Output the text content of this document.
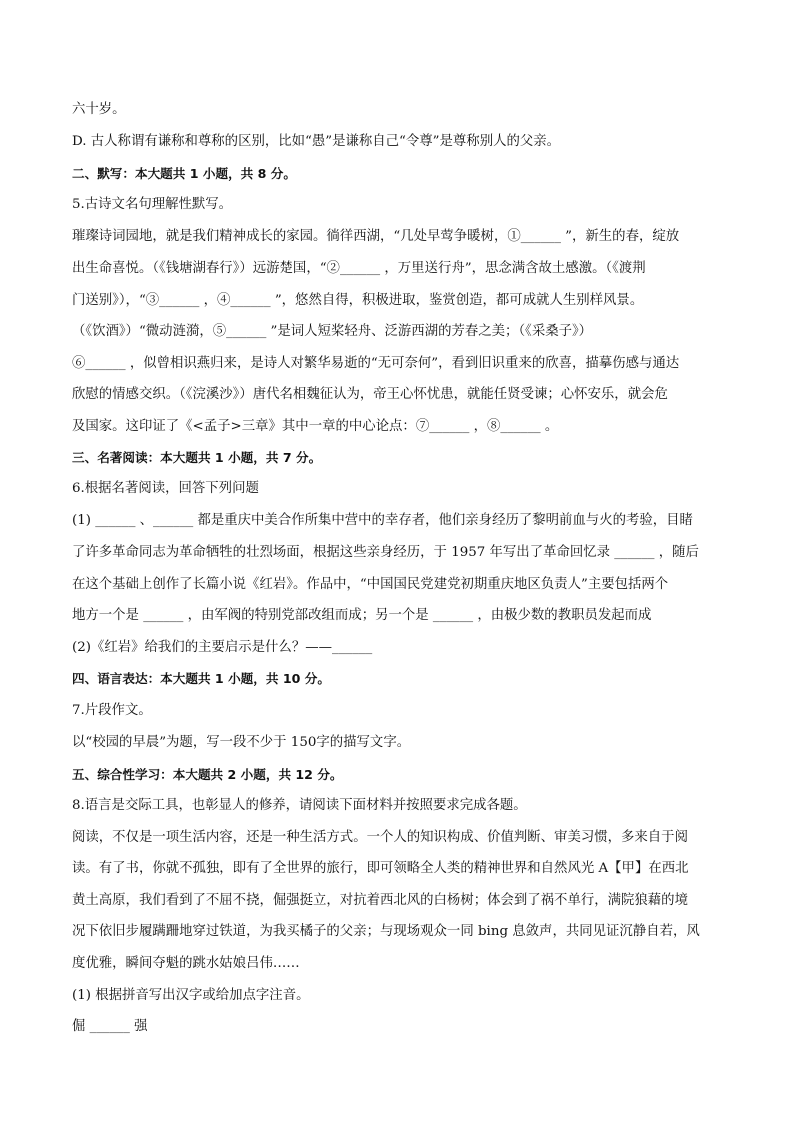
六十岁。
D. 古人称谓有谦称和尊称的区别，比如“愚”是谦称自己“令尊”是尊称别人的父亲。
二、默写：本大题共 1 小题，共 8 分。
5.古诗文名句理解性默写。
璀璨诗词园地，就是我们精神成长的家园。徜徉西湖，“几处早莺争暖树，①______ ”，新生的春，绽放
出生命喜悦。（《钱塘湖春行》）远游楚国，“②______ ，万里送行舟”，思念满含故土感激。（《渡荆
门送别》），“③______ ，④______ ”，悠然自得，积极进取，鉴赏创造，都可成就人生别样风景。
（《饮酒》）“微动涟漪，⑤______ ”是词人短桨轻舟、泛游西湖的芳春之美；（《采桑子》）
⑥______ ，似曾相识燕归来，是诗人对繁华易逝的“无可奈何”，看到旧识重来的欣喜，描摹伤感与通达
欣慰的情感交织。（《浣溪沙》）唐代名相魏征认为，帝王心怀忧患，就能任贤受谏；心怀安乐，就会危
及国家。这印证了《<孟子>三章》其中一章的中心论点：⑦______ ，⑧______ 。
三、名著阅读：本大题共 1 小题，共 7 分。
6.根据名著阅读，回答下列问题
(1) ______ 、______ 都是重庆中美合作所集中营中的幸存者，他们亲身经历了黎明前血与火的考验，目睹
了许多革命同志为革命牺牲的壮烈场面，根据这些亲身经历，于 1957 年写出了革命回忆录 ______ ，随后
在这个基础上创作了长篇小说《红岩》。作品中，“中国国民党建党初期重庆地区负责人”主要包括两个
地方一个是 ______ ，由军阀的特别党部改组而成；另一个是 ______ ，由极少数的教职员发起而成
(2)《红岩》给我们的主要启示是什么？——______
四、语言表达：本大题共 1 小题，共 10 分。
7.片段作文。
以“校园的早晨”为题，写一段不少于 150字的描写文字。
五、综合性学习：本大题共 2 小题，共 12 分。
8.语言是交际工具，也彰显人的修养，请阅读下面材料并按照要求完成各题。
阅读，不仅是一项生活内容，还是一种生活方式。一个人的知识构成、价值判断、审美习惯，多来自于阅
读。有了书，你就不孤独，即有了全世界的旅行，即可领略全人类的精神世界和自然风光 A【甲】在西北
黄土高原，我们看到了不屈不挠，倔强挺立，对抗着西北风的白杨树；体会到了祸不单行，满院狼藉的境
况下依旧步履蹒跚地穿过铁道，为我买橘子的父亲；与现场观众一同 bing 息敛声，共同见证沉静自若，风
度优雅，瞬间夺魁的跳水姑娘吕伟……
(1) 根据拼音写出汉字或给加点字注音。
倔 ______ 强
